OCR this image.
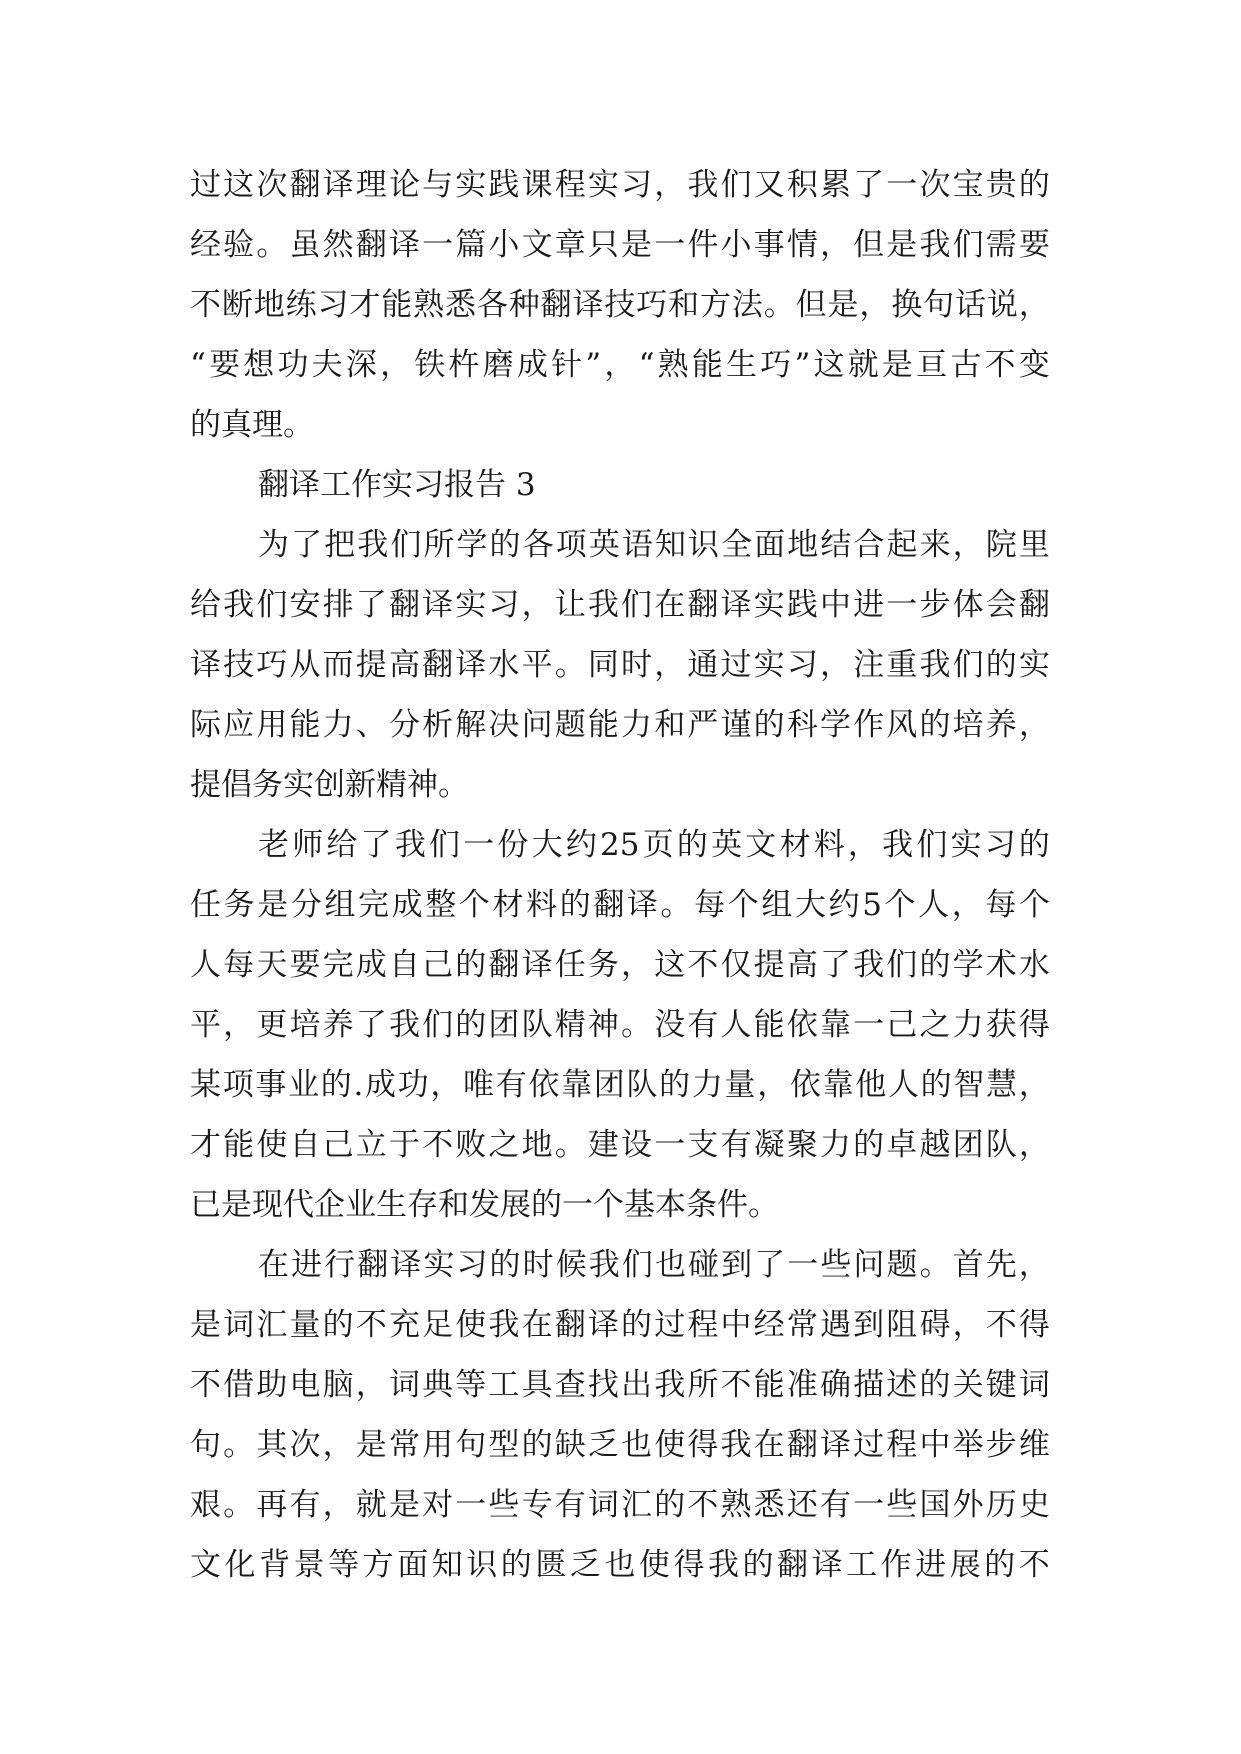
过 这 次 翻 译 理 论 与 实 践 课 程 实 习 ， 我 们 又 积 累 了 一 次 宝 贵 的
经 验 。 虽 然 翻 译 一 篇 小 文 章 只 是 一 件 小 事 情 ， 但 是 我 们 需 要
不 断 地 练 习 才 能 熟 悉 各 种 翻 译 技 巧 和 方 法 。 但 是 ， 换 句 话 说 ，
“ 要 想 功 夫 深 ， 铁 杵 磨 成 针 ” ， “ 熟 能 生 巧 ” 这 就 是 亘 古 不 变
的真理。
翻译工作实习报告 3
为 了 把 我 们 所 学 的 各 项 英 语 知 识 全 面 地 结 合 起 来 ， 院 里
给 我 们 安 排 了 翻 译 实 习 ， 让 我 们 在 翻 译 实 践 中 进 一 步 体 会 翻
译 技 巧 从 而 提 高 翻 译 水 平 。 同 时 ， 通 过 实 习 ， 注 重 我 们 的 实
际 应 用 能 力 、 分 析 解 决 问 题 能 力 和 严 谨 的 科 学 作 风 的 培 养 ，
提倡务实创新精神。
老 师 给 了 我 们 一 份 大 约 25 页 的 英 文 材 料 ， 我 们 实 习 的
任 务 是 分 组 完 成 整 个 材 料 的 翻 译 。 每 个 组 大 约 5 个 人 ， 每 个
人 每 天 要 完 成 自 己 的 翻 译 任 务 ， 这 不 仅 提 高 了 我 们 的 学 术 水
平 ， 更 培 养 了 我 们 的 团 队 精 神 。 没 有 人 能 依 靠 一 己 之 力 获 得
某 项 事 业 的 . 成 功 ， 唯 有 依 靠 团 队 的 力 量 ， 依 靠 他 人 的 智 慧 ，
才 能 使 自 己 立 于 不 败 之 地 。 建 设 一 支 有 凝 聚 力 的 卓 越 团 队 ，
已是现代企业生存和发展的一个基本条件。
在 进 行 翻 译 实 习 的 时 候 我 们 也 碰 到 了 一 些 问 题 。 首 先 ，
是 词 汇 量 的 不 充 足 使 我 在 翻 译 的 过 程 中 经 常 遇 到 阻 碍 ， 不 得
不 借 助 电 脑 ， 词 典 等 工 具 查 找 出 我 所 不 能 准 确 描 述 的 关 键 词
句 。 其 次 ， 是 常 用 句 型 的 缺 乏 也 使 得 我 在 翻 译 过 程 中 举 步 维
艰 。 再 有 ， 就 是 对 一 些 专 有 词 汇 的 不 熟 悉 还 有 一 些 国 外 历 史
文 化 背 景 等 方 面 知 识 的 匮 乏 也 使 得 我 的 翻 译 工 作 进 展 的 不
